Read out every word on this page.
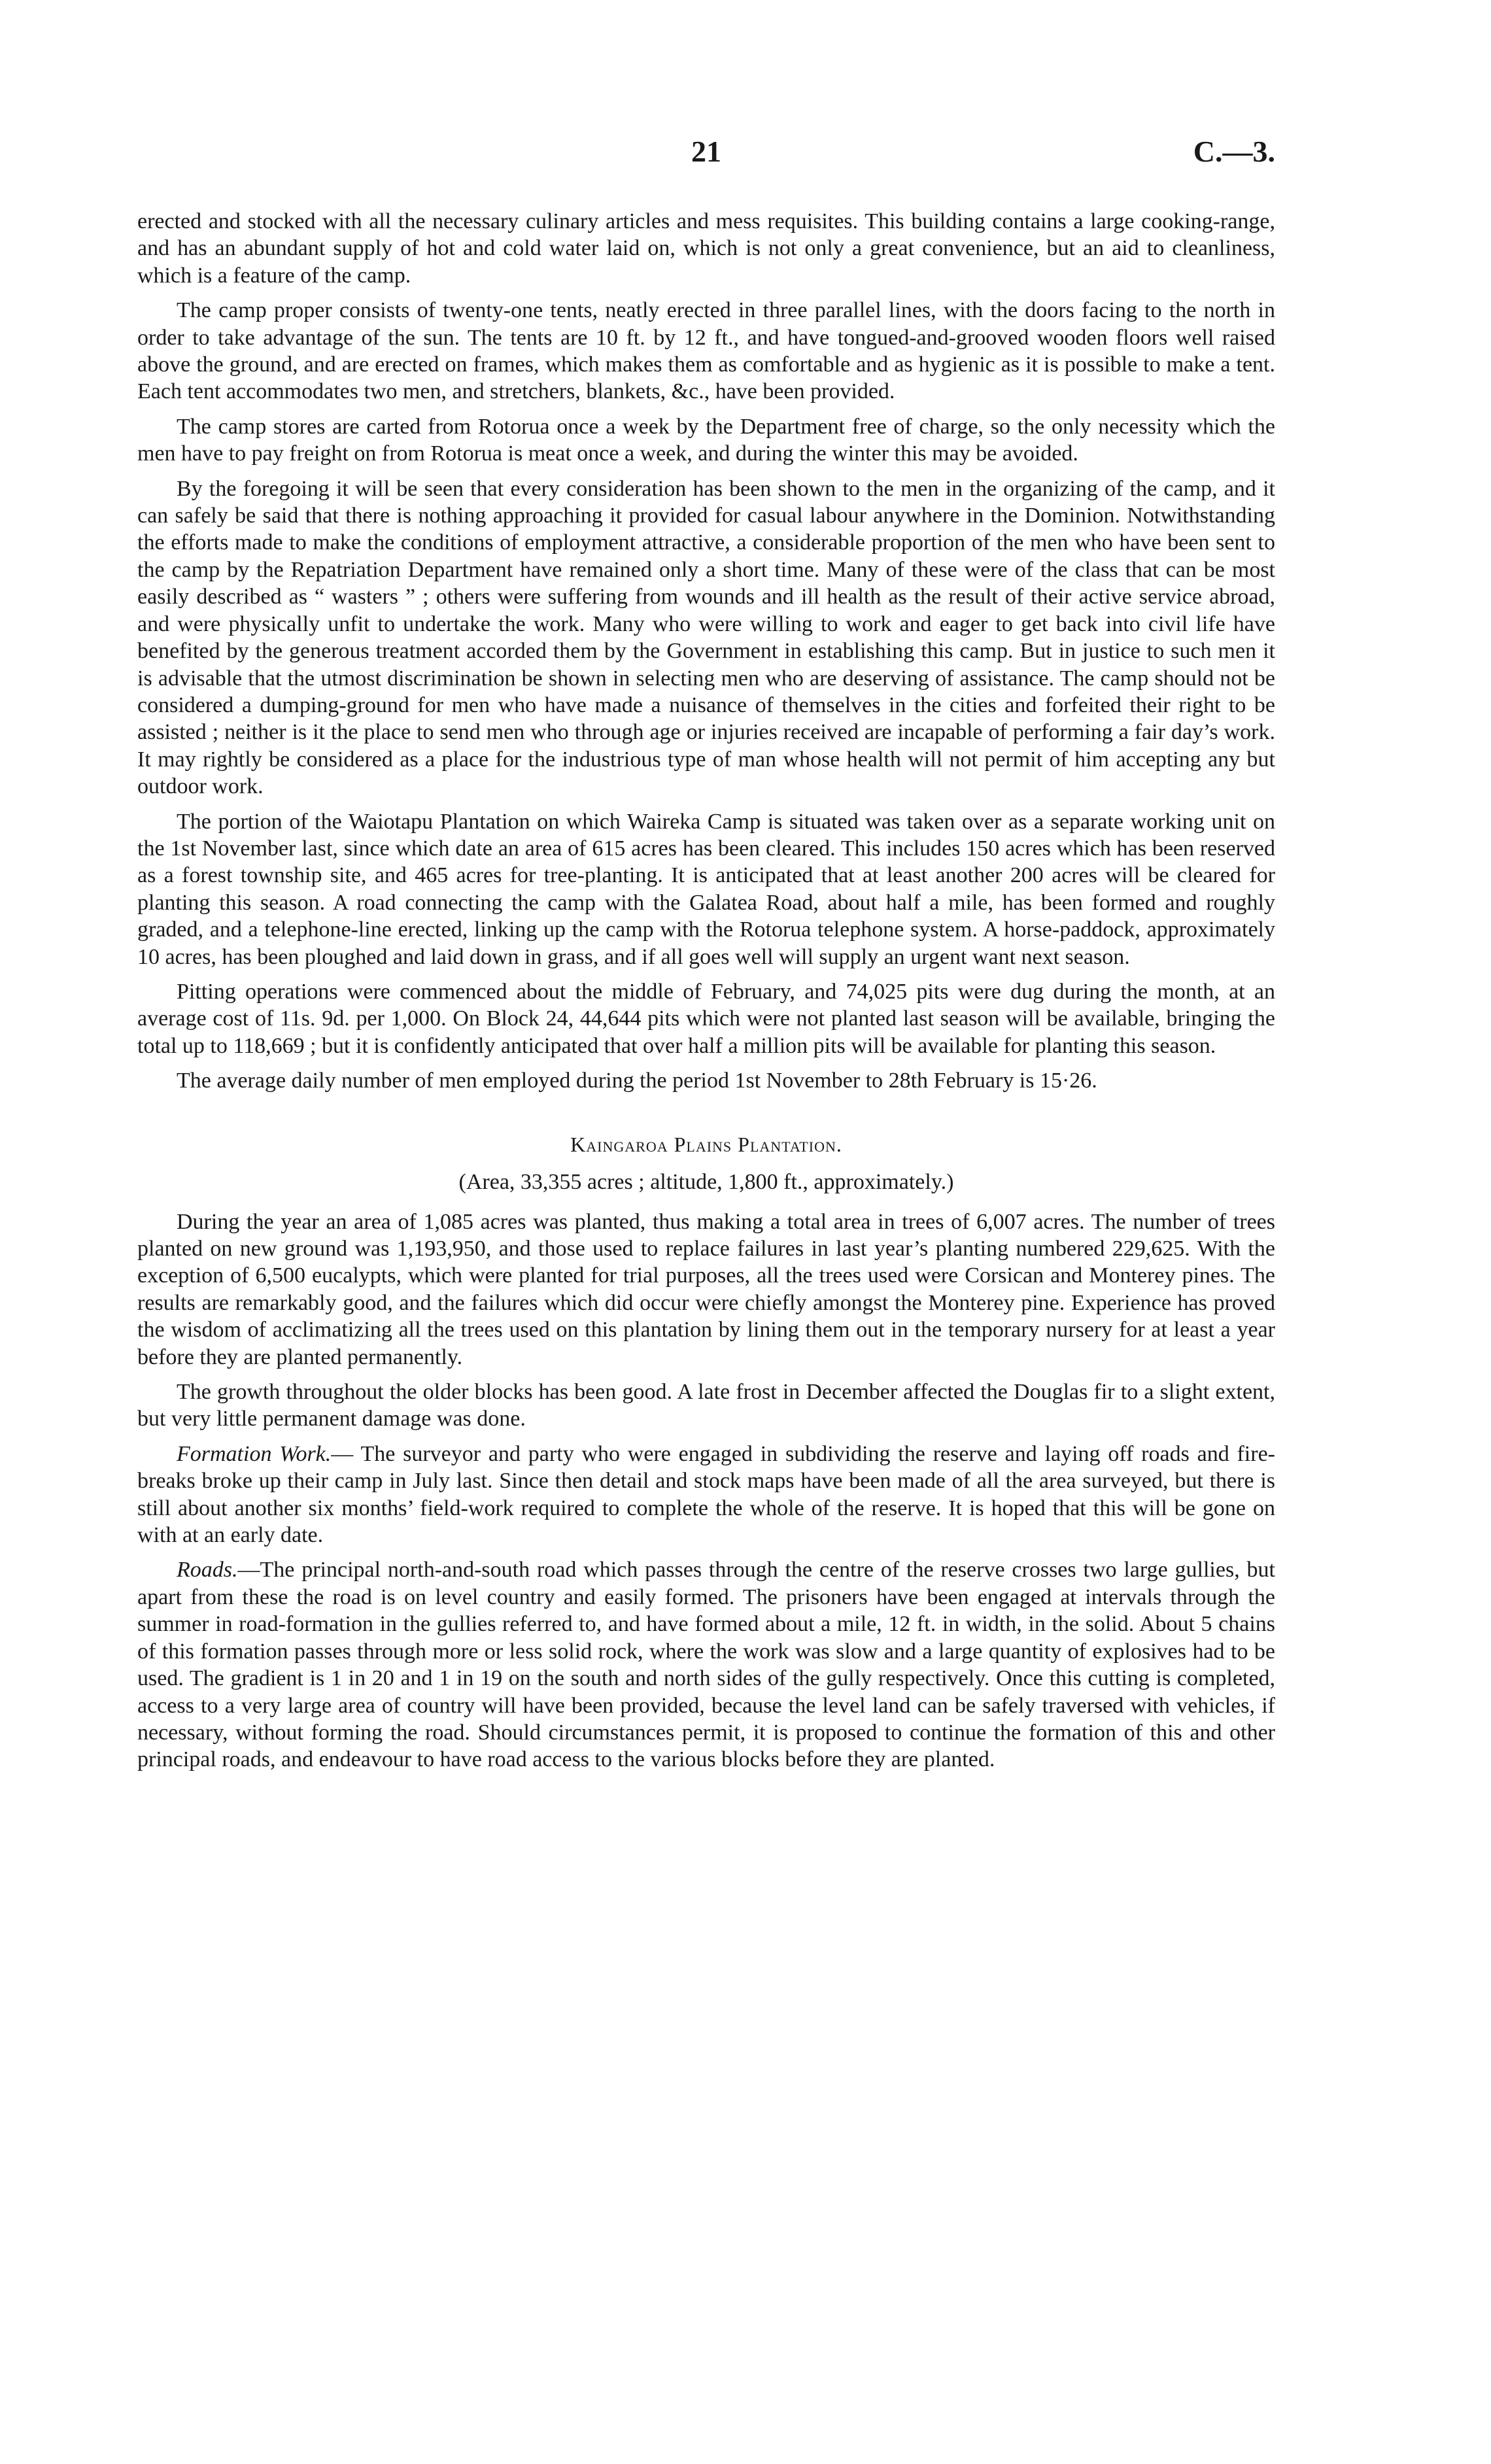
21	C.—3.

erected and stocked with all the necessary culinary articles and mess requisites. This building contains a large cooking-range, and has an abundant supply of hot and cold water laid on, which is not only a great convenience, but an aid to cleanliness, which is a feature of the camp.

The camp proper consists of twenty-one tents, neatly erected in three parallel lines, with the doors facing to the north in order to take advantage of the sun. The tents are 10 ft. by 12 ft., and have tongued-and-grooved wooden floors well raised above the ground, and are erected on frames, which makes them as comfortable and as hygienic as it is possible to make a tent. Each tent accommodates two men, and stretchers, blankets, &c., have been provided.

The camp stores are carted from Rotorua once a week by the Department free of charge, so the only necessity which the men have to pay freight on from Rotorua is meat once a week, and during the winter this may be avoided.

By the foregoing it will be seen that every consideration has been shown to the men in the organizing of the camp, and it can safely be said that there is nothing approaching it provided for casual labour anywhere in the Dominion. Notwithstanding the efforts made to make the conditions of employment attractive, a considerable proportion of the men who have been sent to the camp by the Repatriation Department have remained only a short time. Many of these were of the class that can be most easily described as “ wasters ” ; others were suffering from wounds and ill health as the result of their active service abroad, and were physically unfit to undertake the work. Many who were willing to work and eager to get back into civil life have benefited by the generous treatment accorded them by the Government in establishing this camp. But in justice to such men it is advisable that the utmost discrimination be shown in selecting men who are deserving of assistance. The camp should not be considered a dumping-ground for men who have made a nuisance of themselves in the cities and forfeited their right to be assisted ; neither is it the place to send men who through age or injuries received are incapable of performing a fair day’s work. It may rightly be considered as a place for the industrious type of man whose health will not permit of him accepting any but outdoor work.

The portion of the Waiotapu Plantation on which Waireka Camp is situated was taken over as a separate working unit on the 1st November last, since which date an area of 615 acres has been cleared. This includes 150 acres which has been reserved as a forest township site, and 465 acres for tree-planting. It is anticipated that at least another 200 acres will be cleared for planting this season. A road connecting the camp with the Galatea Road, about half a mile, has been formed and roughly graded, and a telephone-line erected, linking up the camp with the Rotorua telephone system. A horse-paddock, approximately 10 acres, has been ploughed and laid down in grass, and if all goes well will supply an urgent want next season.

Pitting operations were commenced about the middle of February, and 74,025 pits were dug during the month, at an average cost of 11s. 9d. per 1,000. On Block 24, 44,644 pits which were not planted last season will be available, bringing the total up to 118,669 ; but it is confidently anticipated that over half a million pits will be available for planting this season.

The average daily number of men employed during the period 1st November to 28th February is 15·26.

Kaingaroa Plains Plantation.
(Area, 33,355 acres ; altitude, 1,800 ft., approximately.)

During the year an area of 1,085 acres was planted, thus making a total area in trees of 6,007 acres. The number of trees planted on new ground was 1,193,950, and those used to replace failures in last year’s planting numbered 229,625. With the exception of 6,500 eucalypts, which were planted for trial purposes, all the trees used were Corsican and Monterey pines. The results are remarkably good, and the failures which did occur were chiefly amongst the Monterey pine. Experience has proved the wisdom of acclimatizing all the trees used on this plantation by lining them out in the temporary nursery for at least a year before they are planted permanently.

The growth throughout the older blocks has been good. A late frost in December affected the Douglas fir to a slight extent, but very little permanent damage was done.

Formation Work.— The surveyor and party who were engaged in subdividing the reserve and laying off roads and fire-breaks broke up their camp in July last. Since then detail and stock maps have been made of all the area surveyed, but there is still about another six months’ field-work required to complete the whole of the reserve. It is hoped that this will be gone on with at an early date.

Roads.—The principal north-and-south road which passes through the centre of the reserve crosses two large gullies, but apart from these the road is on level country and easily formed. The prisoners have been engaged at intervals through the summer in road-formation in the gullies referred to, and have formed about a mile, 12 ft. in width, in the solid. About 5 chains of this formation passes through more or less solid rock, where the work was slow and a large quantity of explosives had to be used. The gradient is 1 in 20 and 1 in 19 on the south and north sides of the gully respectively. Once this cutting is completed, access to a very large area of country will have been provided, because the level land can be safely traversed with vehicles, if necessary, without forming the road. Should circumstances permit, it is proposed to continue the formation of this and other principal roads, and endeavour to have road access to the various blocks before they are planted.
